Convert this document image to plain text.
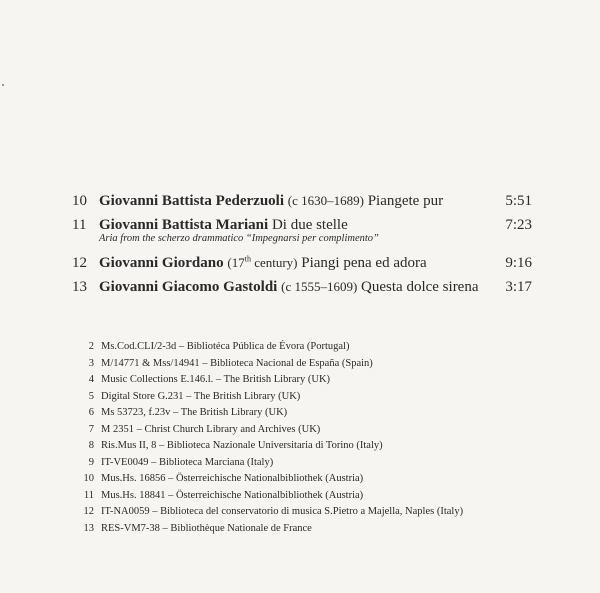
10 Giovanni Battista Pederzuoli (c 1630–1689) Piangete pur	5:51
11 Giovanni Battista Mariani Di due stelle	7:23
Aria from the scherzo drammatico “Impegnarsi per complimento”
12 Giovanni Giordano (17th century) Piangi pena ed adora	9:16
13 Giovanni Giacomo Gastoldi (c 1555–1609) Questa dolce sirena	3:17
2 Ms.Cod.CLI/2-3d – Bibliotéca Pública de Évora (Portugal)
3 M/14771 & Mss/14941 – Biblioteca Nacional de España (Spain)
4 Music Collections E.146.l. – The British Library (UK)
5 Digital Store G.231 – The British Library (UK)
6 Ms 53723, f.23v – The British Library (UK)
7 M 2351 – Christ Church Library and Archives (UK)
8 Ris.Mus II, 8 – Biblioteca Nazionale Universitaria di Torino (Italy)
9 IT-VE0049 – Biblioteca Marciana (Italy)
10 Mus.Hs. 16856 – Österreichische Nationalbibliothek (Austria)
11 Mus.Hs. 18841 – Österreichische Nationalbibliothek (Austria)
12 IT-NA0059 – Biblioteca del conservatorio di musica S.Pietro a Majella, Naples (Italy)
13 RES-VM7-38 – Bibliothèque Nationale de France
